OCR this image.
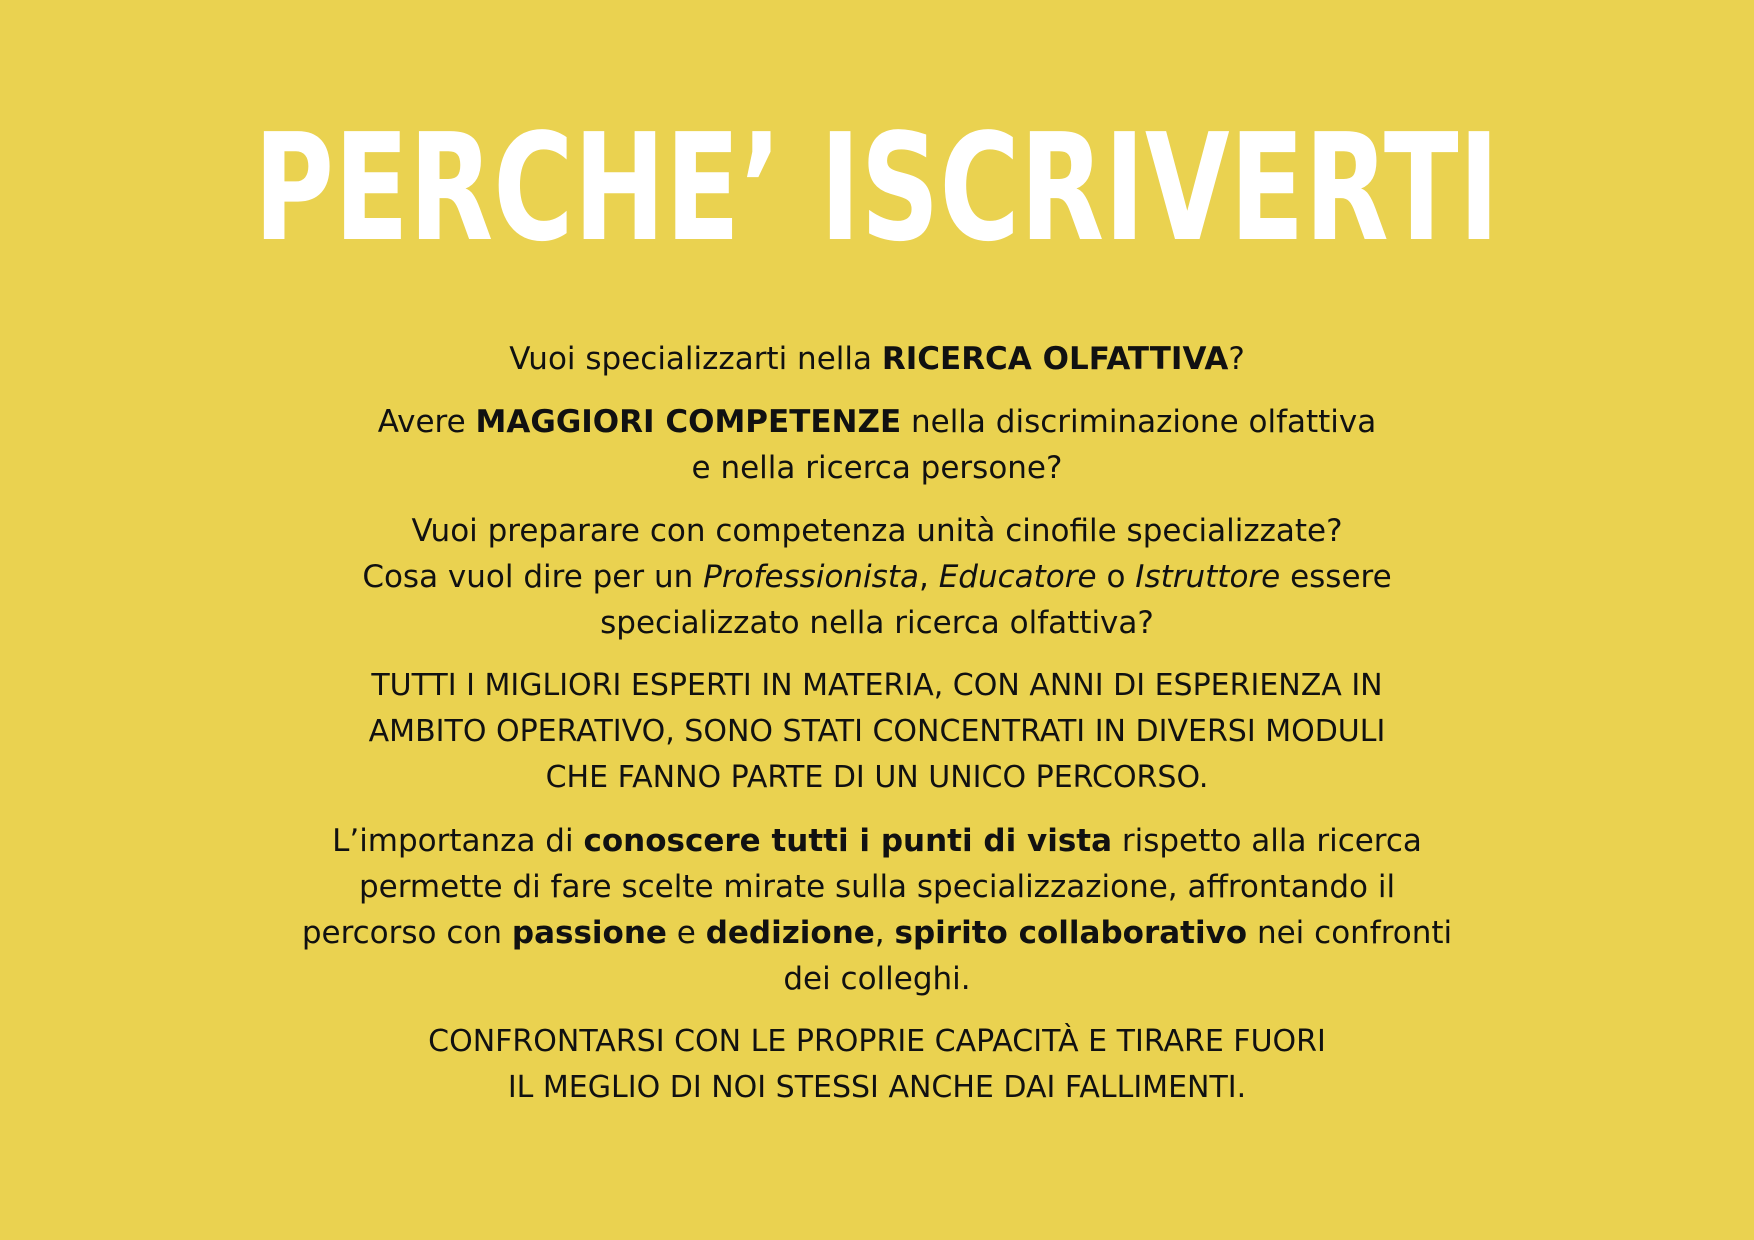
PERCHE’ ISCRIVERTI

Vuoi specializzarti nella RICERCA OLFATTIVA?

Avere MAGGIORI COMPETENZE nella discriminazione olfattiva
e nella ricerca persone?

Vuoi preparare con competenza unità cinofile specializzate?
Cosa vuol dire per un Professionista, Educatore o Istruttore essere
specializzato nella ricerca olfattiva?

TUTTI I MIGLIORI ESPERTI IN MATERIA, CON ANNI DI ESPERIENZA IN
AMBITO OPERATIVO, SONO STATI CONCENTRATI IN DIVERSI MODULI
CHE FANNO PARTE DI UN UNICO PERCORSO.

L’importanza di conoscere tutti i punti di vista rispetto alla ricerca
permette di fare scelte mirate sulla specializzazione, affrontando il
percorso con passione e dedizione, spirito collaborativo nei confronti
dei colleghi.

CONFRONTARSI CON LE PROPRIE CAPACITÀ E TIRARE FUORI
IL MEGLIO DI NOI STESSI ANCHE DAI FALLIMENTI.
